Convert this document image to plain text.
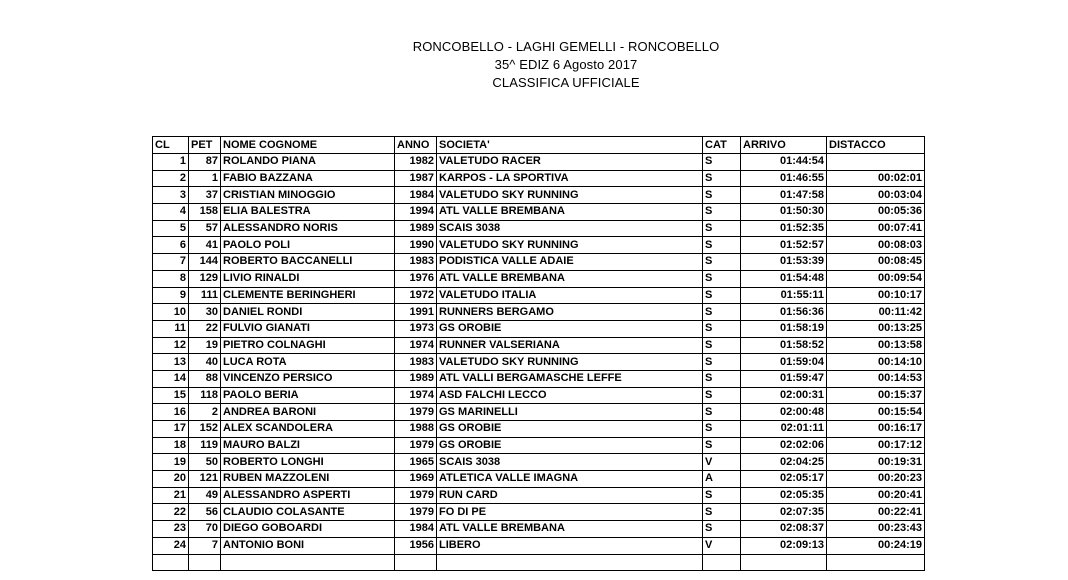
RONCOBELLO - LAGHI GEMELLI - RONCOBELLO
35^ EDIZ 6 Agosto 2017
CLASSIFICA UFFICIALE
CL	PET	NOME COGNOME	ANNO	SOCIETA'	CAT	ARRIVO	DISTACCO
1	87	ROLANDO PIANA	1982	VALETUDO RACER	S	01:44:54	
2	1	FABIO BAZZANA	1987	KARPOS - LA SPORTIVA	S	01:46:55	00:02:01
3	37	CRISTIAN MINOGGIO	1984	VALETUDO SKY RUNNING	S	01:47:58	00:03:04
4	158	ELIA BALESTRA	1994	ATL VALLE BREMBANA	S	01:50:30	00:05:36
5	57	ALESSANDRO NORIS	1989	SCAIS 3038	S	01:52:35	00:07:41
6	41	PAOLO POLI	1990	VALETUDO SKY RUNNING	S	01:52:57	00:08:03
7	144	ROBERTO BACCANELLI	1983	PODISTICA VALLE ADAIE	S	01:53:39	00:08:45
8	129	LIVIO RINALDI	1976	ATL VALLE BREMBANA	S	01:54:48	00:09:54
9	111	CLEMENTE BERINGHERI	1972	VALETUDO ITALIA	S	01:55:11	00:10:17
10	30	DANIEL RONDI	1991	RUNNERS BERGAMO	S	01:56:36	00:11:42
11	22	FULVIO GIANATI	1973	GS OROBIE	S	01:58:19	00:13:25
12	19	PIETRO COLNAGHI	1974	RUNNER VALSERIANA	S	01:58:52	00:13:58
13	40	LUCA ROTA	1983	VALETUDO SKY RUNNING	S	01:59:04	00:14:10
14	88	VINCENZO PERSICO	1989	ATL VALLI BERGAMASCHE LEFFE	S	01:59:47	00:14:53
15	118	PAOLO BERIA	1974	ASD FALCHI LECCO	S	02:00:31	00:15:37
16	2	ANDREA BARONI	1979	GS MARINELLI	S	02:00:48	00:15:54
17	152	ALEX SCANDOLERA	1988	GS OROBIE	S	02:01:11	00:16:17
18	119	MAURO BALZI	1979	GS OROBIE	S	02:02:06	00:17:12
19	50	ROBERTO LONGHI	1965	SCAIS 3038	V	02:04:25	00:19:31
20	121	RUBEN MAZZOLENI	1969	ATLETICA VALLE IMAGNA	A	02:05:17	00:20:23
21	49	ALESSANDRO ASPERTI	1979	RUN CARD	S	02:05:35	00:20:41
22	56	CLAUDIO COLASANTE	1979	FO DI PE	S	02:07:35	00:22:41
23	70	DIEGO GOBOARDI	1984	ATL VALLE BREMBANA	S	02:08:37	00:23:43
24	7	ANTONIO BONI	1956	LIBERO	V	02:09:13	00:24:19
